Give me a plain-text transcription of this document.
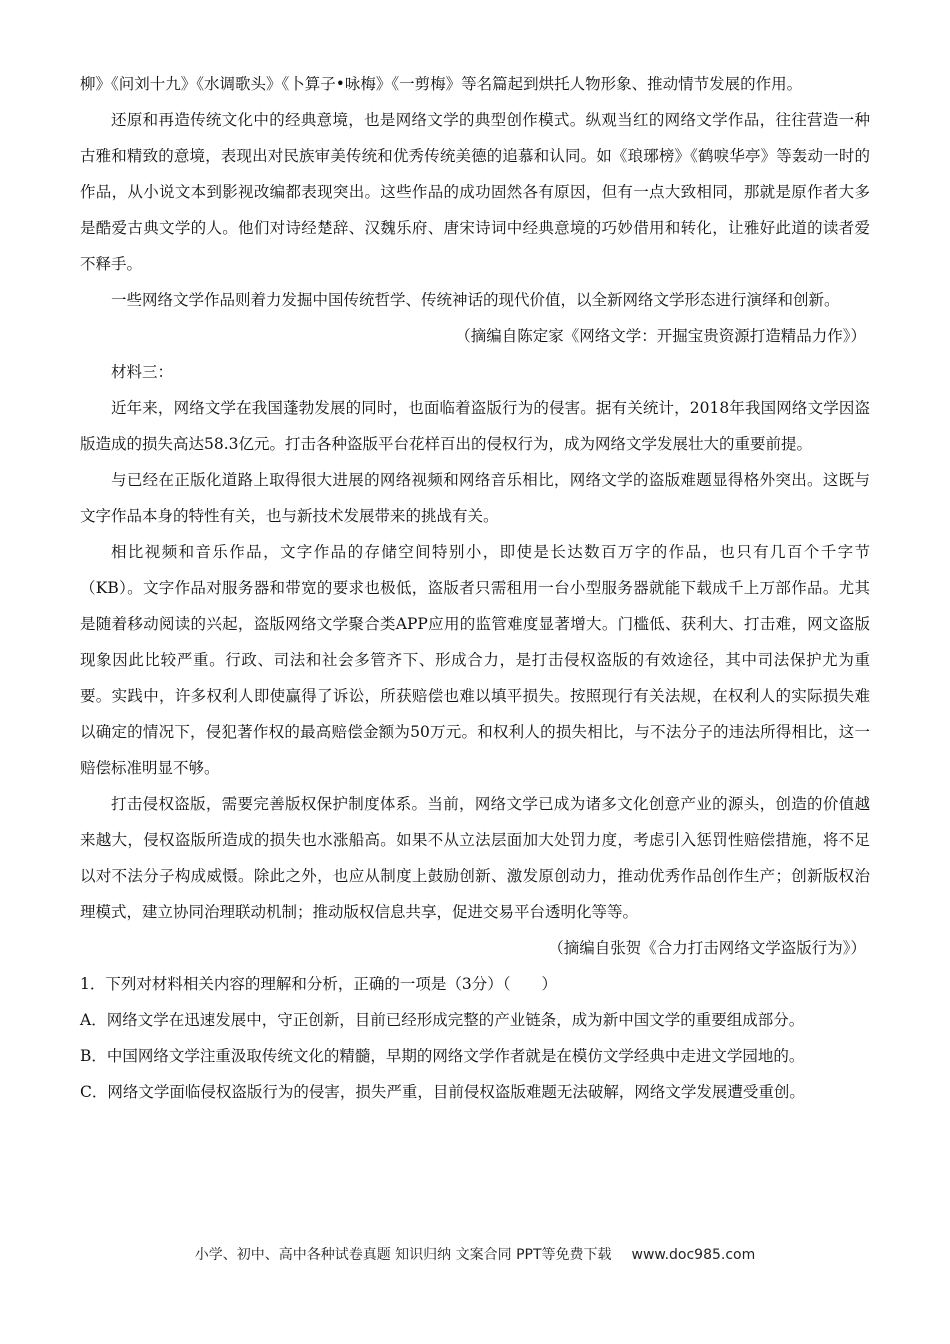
柳》《问刘十九》《水调歌头》《卜算子•咏梅》《一剪梅》等名篇起到烘托人物形象、推动情节发展的作用。

还原和再造传统文化中的经典意境，也是网络文学的典型创作模式。纵观当红的网络文学作品，往往营造一种古雅和精致的意境，表现出对民族审美传统和优秀传统美德的追慕和认同。如《琅琊榜》《鹤唳华亭》等轰动一时的作品，从小说文本到影视改编都表现突出。这些作品的成功固然各有原因，但有一点大致相同，那就是原作者大多是酷爱古典文学的人。他们对诗经楚辞、汉魏乐府、唐宋诗词中经典意境的巧妙借用和转化，让雅好此道的读者爱不释手。

一些网络文学作品则着力发掘中国传统哲学、传统神话的现代价值，以全新网络文学形态进行演绎和创新。

（摘编自陈定家《网络文学：开掘宝贵资源打造精品力作》）

材料三：

近年来，网络文学在我国蓬勃发展的同时，也面临着盗版行为的侵害。据有关统计，2018年我国网络文学因盗版造成的损失高达58.3亿元。打击各种盗版平台花样百出的侵权行为，成为网络文学发展壮大的重要前提。

与已经在正版化道路上取得很大进展的网络视频和网络音乐相比，网络文学的盗版难题显得格外突出。这既与文字作品本身的特性有关，也与新技术发展带来的挑战有关。

相比视频和音乐作品，文字作品的存储空间特别小，即使是长达数百万字的作品，也只有几百个千字节（KB）。文字作品对服务器和带宽的要求也极低，盗版者只需租用一台小型服务器就能下载成千上万部作品。尤其是随着移动阅读的兴起，盗版网络文学聚合类APP应用的监管难度显著增大。门槛低、获利大、打击难，网文盗版现象因此比较严重。行政、司法和社会多管齐下、形成合力，是打击侵权盗版的有效途径，其中司法保护尤为重要。实践中，许多权利人即使赢得了诉讼，所获赔偿也难以填平损失。按照现行有关法规，在权利人的实际损失难以确定的情况下，侵犯著作权的最高赔偿金额为50万元。和权利人的损失相比，与不法分子的违法所得相比，这一赔偿标准明显不够。

打击侵权盗版，需要完善版权保护制度体系。当前，网络文学已成为诸多文化创意产业的源头，创造的价值越来越大，侵权盗版所造成的损失也水涨船高。如果不从立法层面加大处罚力度，考虑引入惩罚性赔偿措施，将不足以对不法分子构成威慑。除此之外，也应从制度上鼓励创新、激发原创动力，推动优秀作品创作生产；创新版权治理模式，建立协同治理联动机制；推动版权信息共享，促进交易平台透明化等等。

（摘编自张贺《合力打击网络文学盗版行为》）

1．下列对材料相关内容的理解和分析，正确的一项是（3分）（　　）

A．网络文学在迅速发展中，守正创新，目前已经形成完整的产业链条，成为新中国文学的重要组成部分。

B．中国网络文学注重汲取传统文化的精髓，早期的网络文学作者就是在模仿文学经典中走进文学园地的。

C．网络文学面临侵权盗版行为的侵害，损失严重，目前侵权盗版难题无法破解，网络文学发展遭受重创。

小学、初中、高中各种试卷真题 知识归纳 文案合同 PPT等免费下载 www.doc985.com
